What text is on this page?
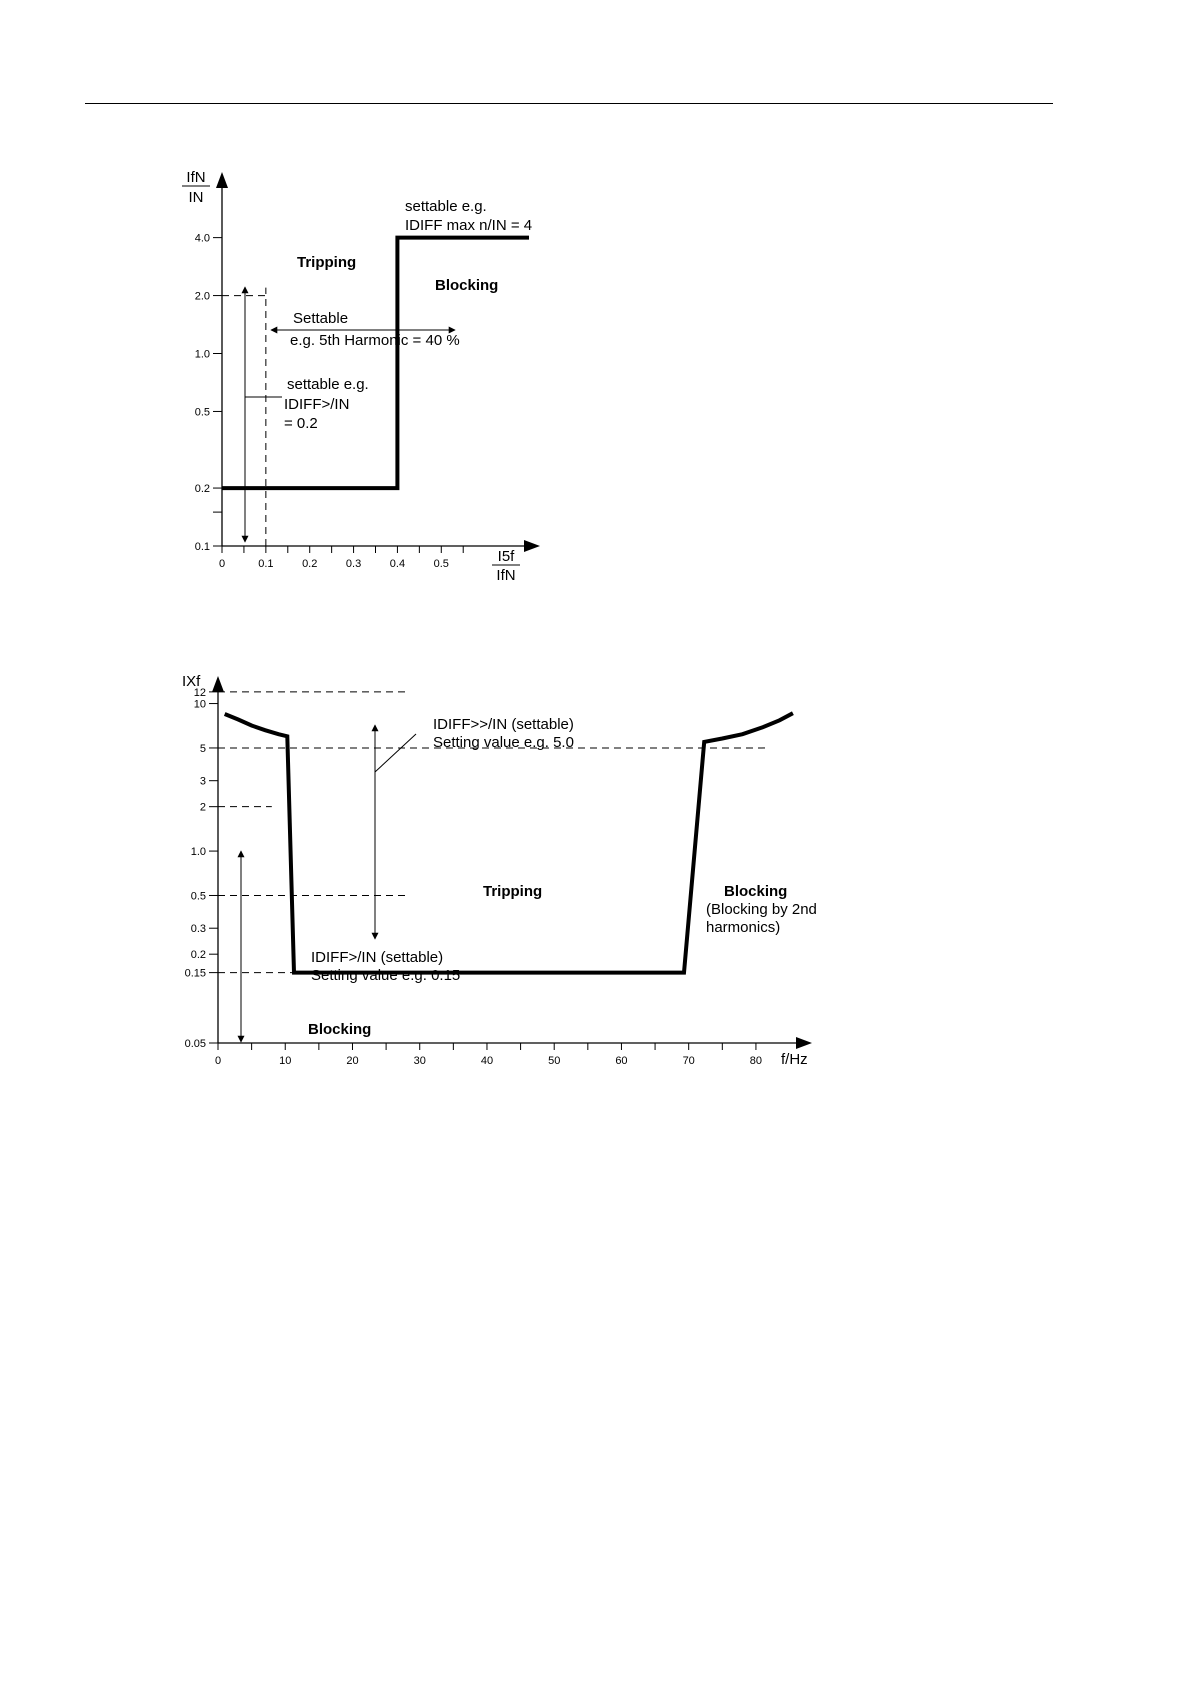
IfN
IN
I5f
IfN
4.0
2.0
1.0
0.5
0.2
0.1
0	0.1	0.2	0.3	0.4	0.5
Tripping
Blocking
settable e.g.
IDIFF max n/IN = 4
Settable
e.g. 5th Harmonic = 40 %
settable e.g.
IDIFF>/IN
= 0.2
IXf
f/Hz
12
10
5
3
2
1.0
0.5
0.3
0.2
0.15
0.05
0	10	20	30	40	50	60	70	80
Tripping
Blocking
Blocking
(Blocking by 2nd
harmonics)
IDIFF>>/IN (settable)
Setting value e.g. 5.0
IDIFF>/IN (settable)
Setting value e.g. 0.15
